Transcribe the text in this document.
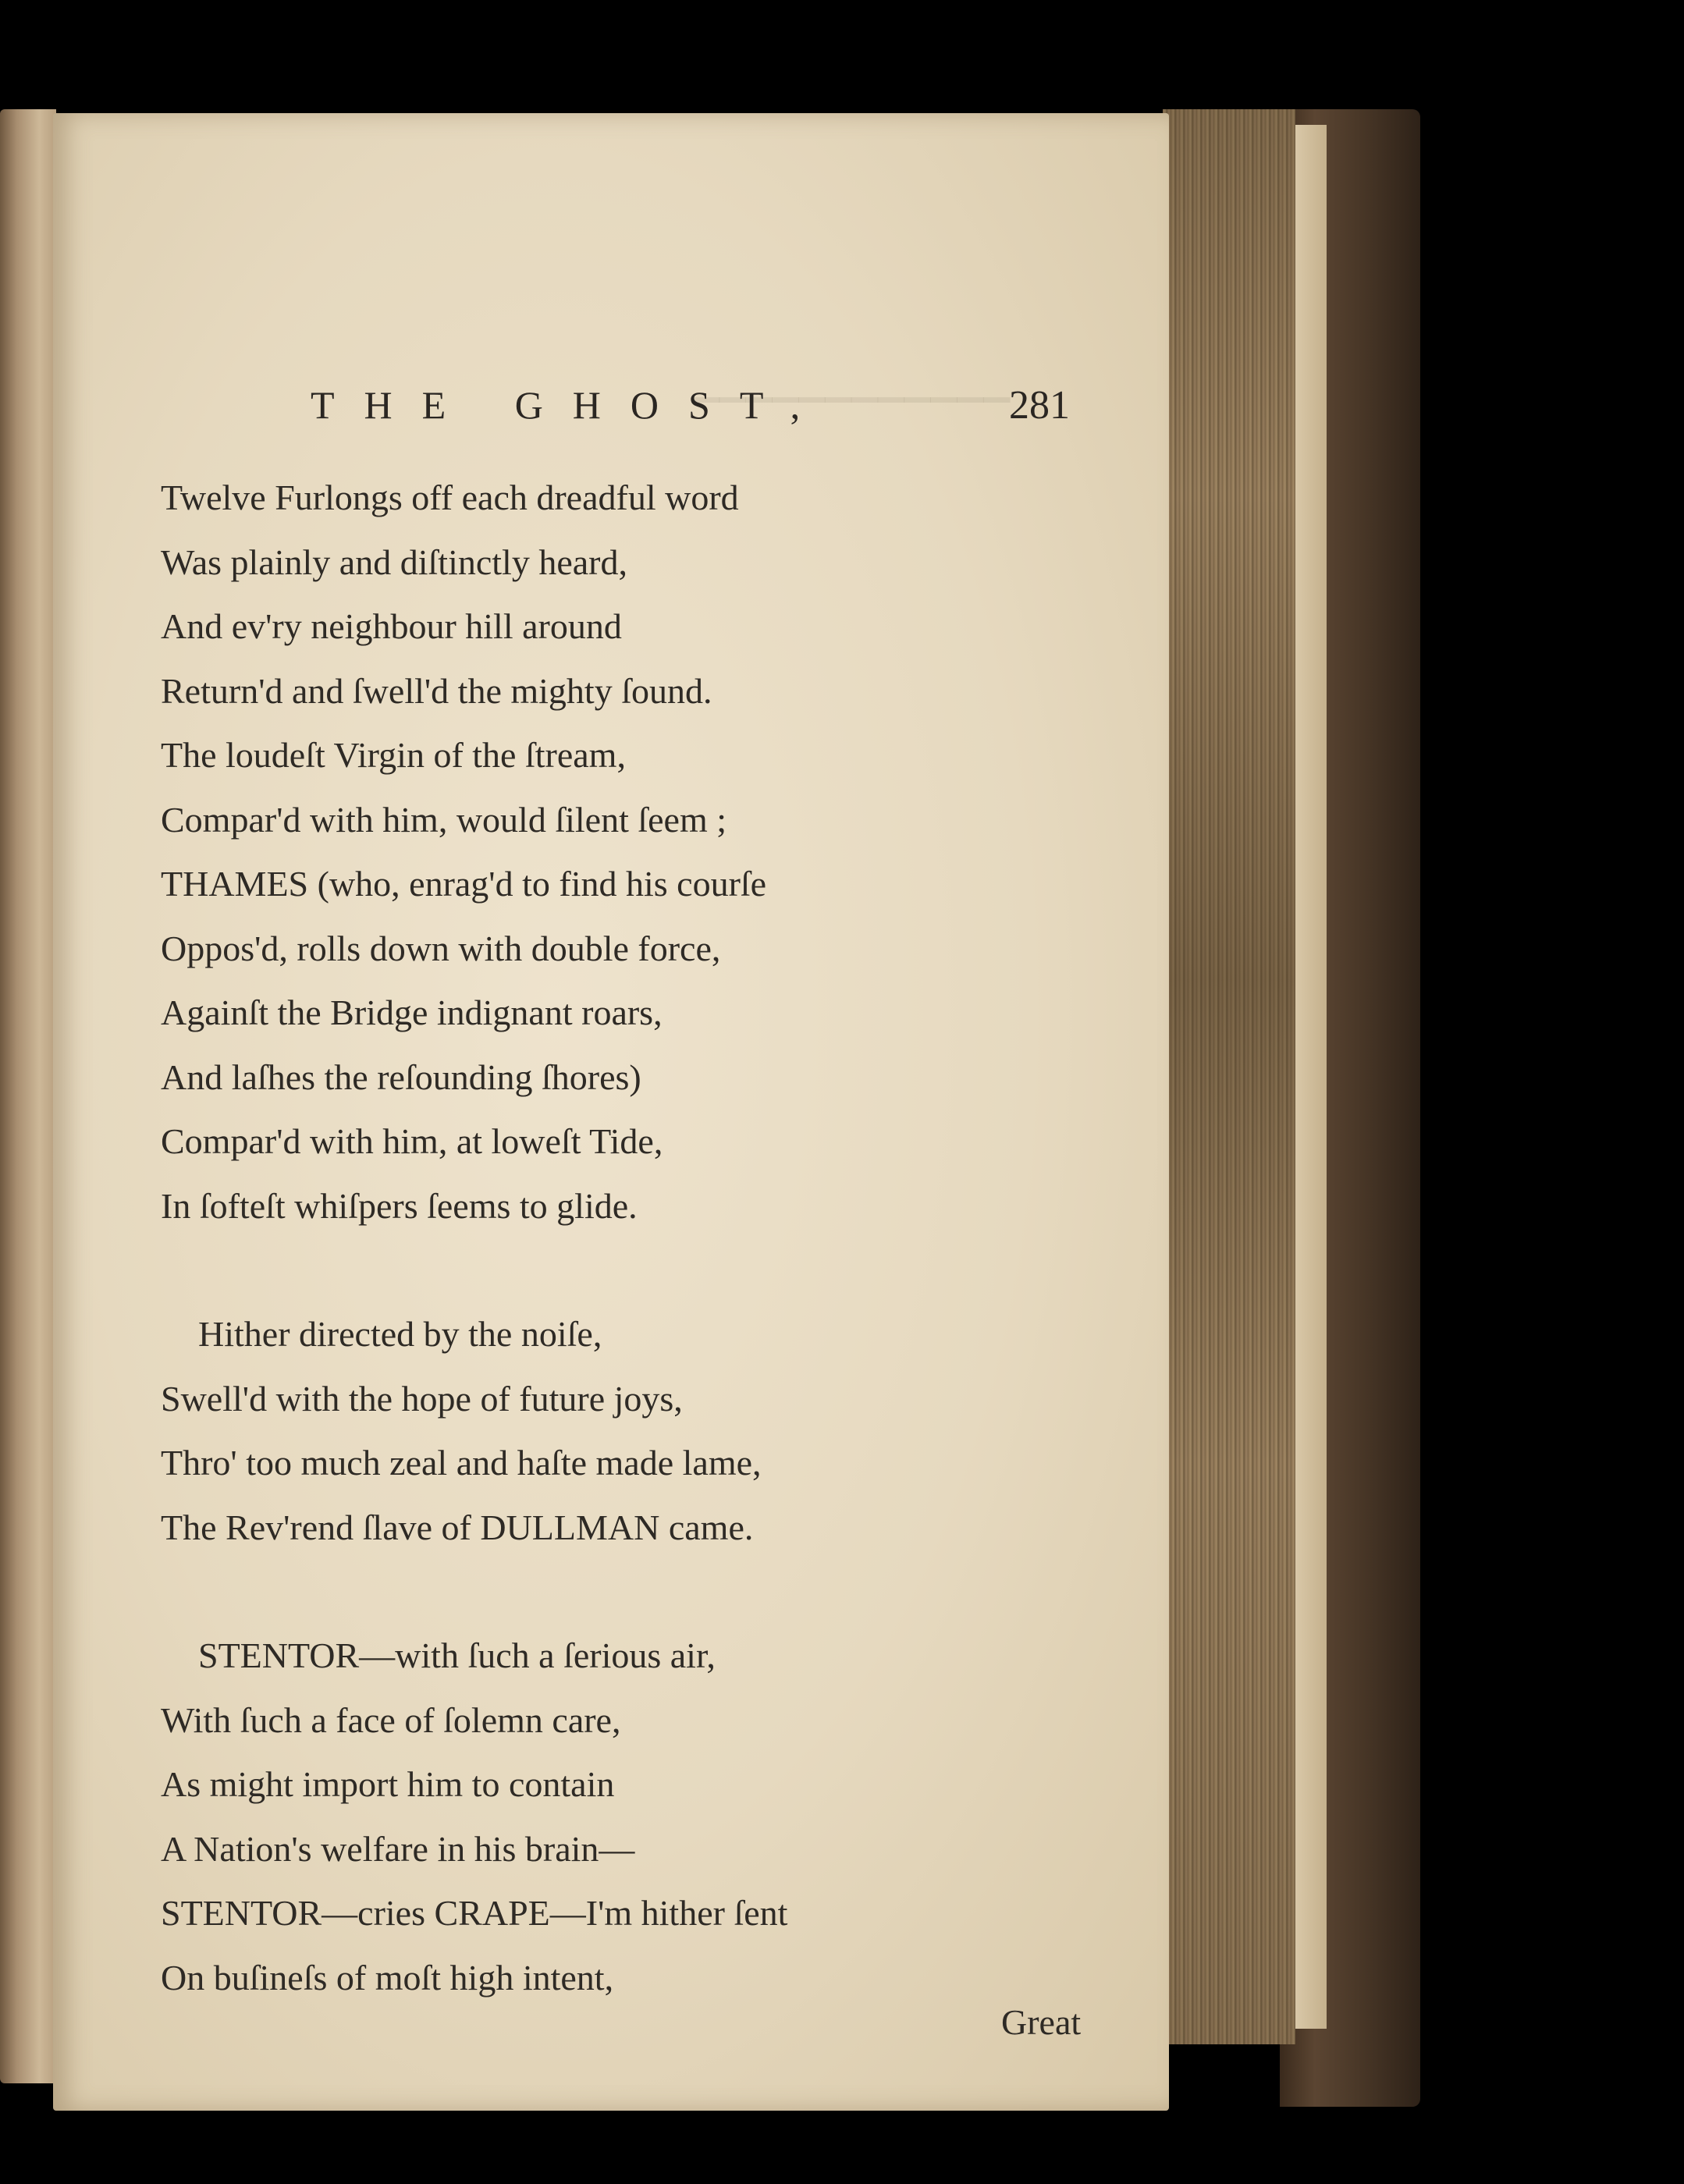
▁▁▁▁▁▁▁▁▁▁▁▁
THE GHOST,	281
Twelve Furlongs off each dreadful word
Was plainly and diſtinctly heard,
And ev'ry neighbour hill around
Return'd and ſwell'd the mighty ſound.
The loudeſt Virgin of the ſtream,
Compar'd with him, would ſilent ſeem ;
THAMES (who, enrag'd to find his courſe
Oppos'd, rolls down with double force,
Againſt the Bridge indignant roars,
And laſhes the reſounding ſhores)
Compar'd with him, at loweſt Tide,
In ſofteſt whiſpers ſeems to glide.
Hither directed by the noiſe,
Swell'd with the hope of future joys,
Thro' too much zeal and haſte made lame,
The Rev'rend ſlave of DULLMAN came.
STENTOR—with ſuch a ſerious air,
With ſuch a face of ſolemn care,
As might import him to contain
A Nation's welfare in his brain—
STENTOR—cries CRAPE—I'm hither ſent
On buſineſs of moſt high intent,
Great
